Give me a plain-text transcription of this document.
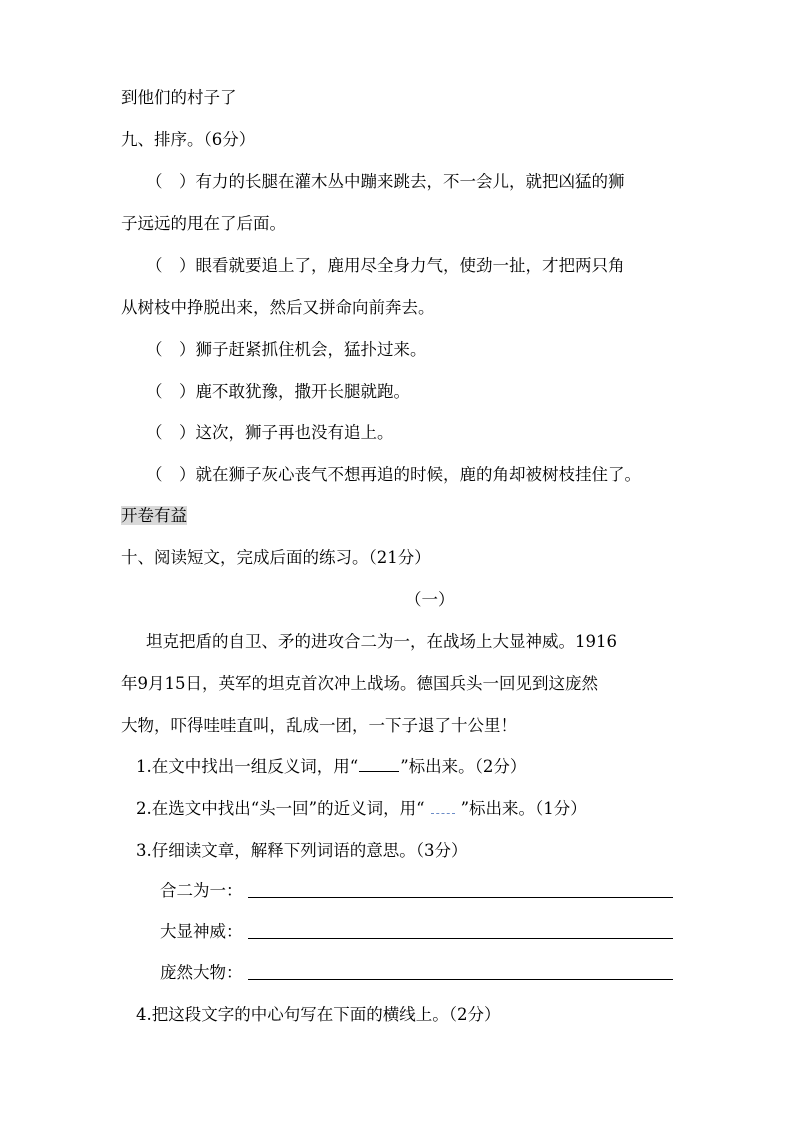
到他们的村子了
九、排序。（6分）
（　）有力的长腿在灌木丛中蹦来跳去，不一会儿，就把凶猛的狮
子远远的甩在了后面。
（　）眼看就要追上了，鹿用尽全身力气，使劲一扯，才把两只角
从树枝中挣脱出来，然后又拼命向前奔去。
（　）狮子赶紧抓住机会，猛扑过来。
（　）鹿不敢犹豫，撒开长腿就跑。
（　）这次，狮子再也没有追上。
（　）就在狮子灰心丧气不想再追的时候，鹿的角却被树枝挂住了。
开卷有益
十、阅读短文，完成后面的练习。（21分）
（一）
坦克把盾的自卫、矛的进攻合二为一，在战场上大显神威。1916
年9月15日，英军的坦克首次冲上战场。德国兵头一回见到这庞然
大物，吓得哇哇直叫，乱成一团，一下子退了十公里！
1.在文中找出一组反义词，用“	”标出来。（2分）
2.在选文中找出“头一回”的近义词，用“ ”标出来。（1分）
3.仔细读文章，解释下列词语的意思。（3分）
合二为一：
大显神威：
庞然大物：
4.把这段文字的中心句写在下面的横线上。（2分）
